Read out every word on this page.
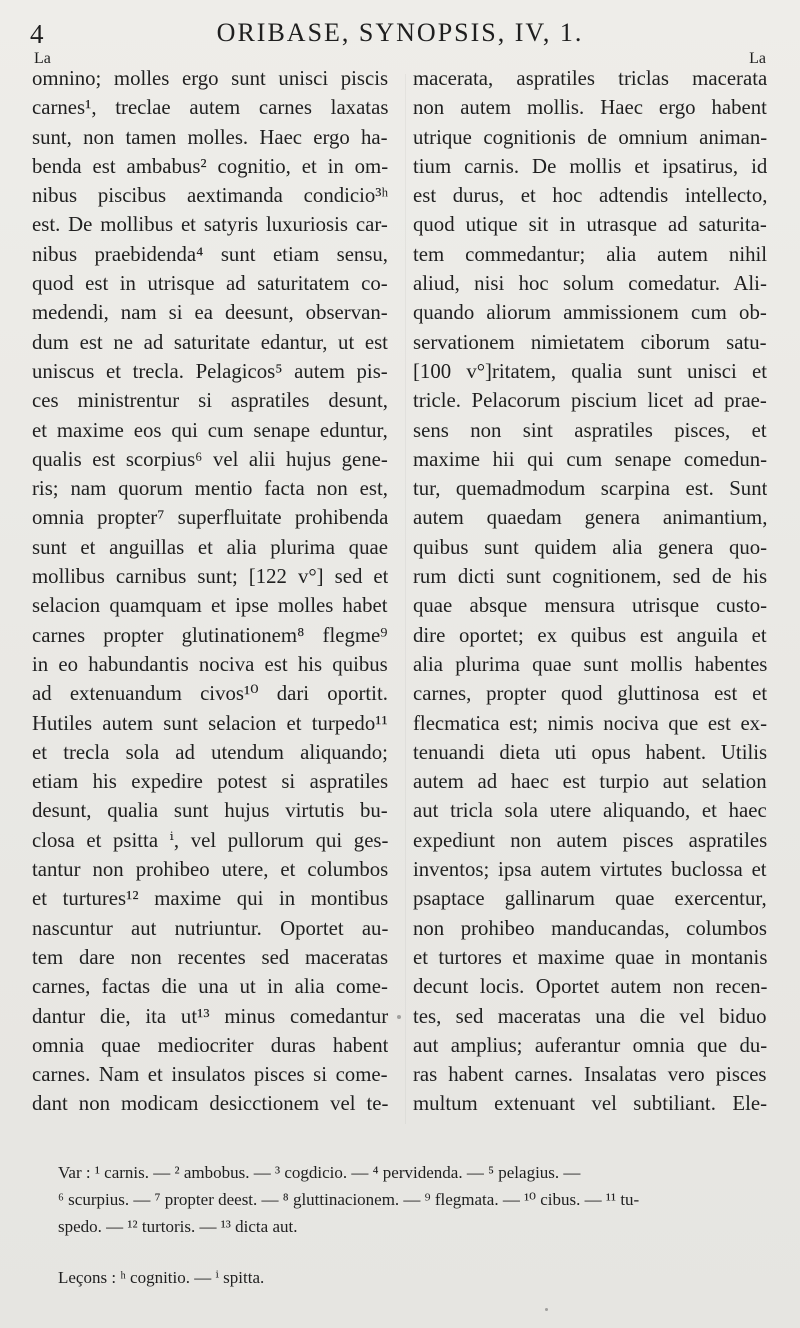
4	ORIBASE, SYNOPSIS, IV, 1.
La	La
omnino; molles ergo sunt unisci piscis
carnes¹, treclae autem carnes laxatas
sunt, non tamen molles. Haec ergo ha-
benda est ambabus² cognitio, et in om-
nibus piscibus aextimanda condicio³ʰ
est. De mollibus et satyris luxuriosis car-
nibus praebidenda⁴ sunt etiam sensu,
quod est in utrisque ad saturitatem co-
medendi, nam si ea deesunt, observan-
dum est ne ad saturitate edantur, ut est
uniscus et trecla. Pelagicos⁵ autem pis-
ces ministrentur si aspratiles desunt,
et maxime eos qui cum senape eduntur,
qualis est scorpius⁶ vel alii hujus gene-
ris; nam quorum mentio facta non est,
omnia propter⁷ superfluitate prohibenda
sunt et anguillas et alia plurima quae
mollibus carnibus sunt; [122 v°] sed et
selacion quamquam et ipse molles habet
carnes propter glutinationem⁸ flegme⁹
in eo habundantis nociva est his quibus
ad extenuandum civos¹⁰ dari oportit.
Hutiles autem sunt selacion et turpedo¹¹
et trecla sola ad utendum aliquando;
etiam his expedire potest si aspratiles
desunt, qualia sunt hujus virtutis bu-
closa et psitta ⁱ, vel pullorum qui ges-
tantur non prohibeo utere, et columbos
et turtures¹² maxime qui in montibus
nascuntur aut nutriuntur. Oportet au-
tem dare non recentes sed maceratas
carnes, factas die una ut in alia come-
dantur die, ita ut¹³ minus comedantur
omnia quae mediocriter duras habent
carnes. Nam et insulatos pisces si come-
dant non modicam desicctionem vel te-
macerata, aspratiles triclas macerata
non autem mollis. Haec ergo habent
utrique cognitionis de omnium animan-
tium carnis. De mollis et ipsatirus, id
est durus, et hoc adtendis intellecto,
quod utique sit in utrasque ad saturita-
tem commedantur; alia autem nihil
aliud, nisi hoc solum comedatur. Ali-
quando aliorum ammissionem cum ob-
servationem nimietatem ciborum satu-
[100 v°]ritatem, qualia sunt unisci et
tricle. Pelacorum piscium licet ad prae-
sens non sint aspratiles pisces, et
maxime hii qui cum senape comedun-
tur, quemadmodum scarpina est. Sunt
autem quaedam genera animantium,
quibus sunt quidem alia genera quo-
rum dicti sunt cognitionem, sed de his
quae absque mensura utrisque custo-
dire oportet; ex quibus est anguila et
alia plurima quae sunt mollis habentes
carnes, propter quod gluttinosa est et
flecmatica est; nimis nociva que est ex-
tenuandi dieta uti opus habent. Utilis
autem ad haec est turpio aut selation
aut tricla sola utere aliquando, et haec
expediunt non autem pisces aspratiles
inventos; ipsa autem virtutes buclossa et
psaptace gallinarum quae exercentur,
non prohibeo manducandas, columbos
et turtores et maxime quae in montanis
decunt locis. Oportet autem non recen-
tes, sed maceratas una die vel biduo
aut amplius; auferantur omnia que du-
ras habent carnes. Insalatas vero pisces
multum extenuant vel subtiliant. Ele-
Var : ¹ carnis. — ² ambobus. — ³ cogdicio. — ⁴ pervidenda. — ⁵ pelagius. —
⁶ scurpius. — ⁷ propter deest. — ⁸ gluttinacionem. — ⁹ flegmata. — ¹⁰ cibus. — ¹¹ tu-
spedo. — ¹² turtoris. — ¹³ dicta aut.
Leçons : ʰ cognitio. — ⁱ spitta.
